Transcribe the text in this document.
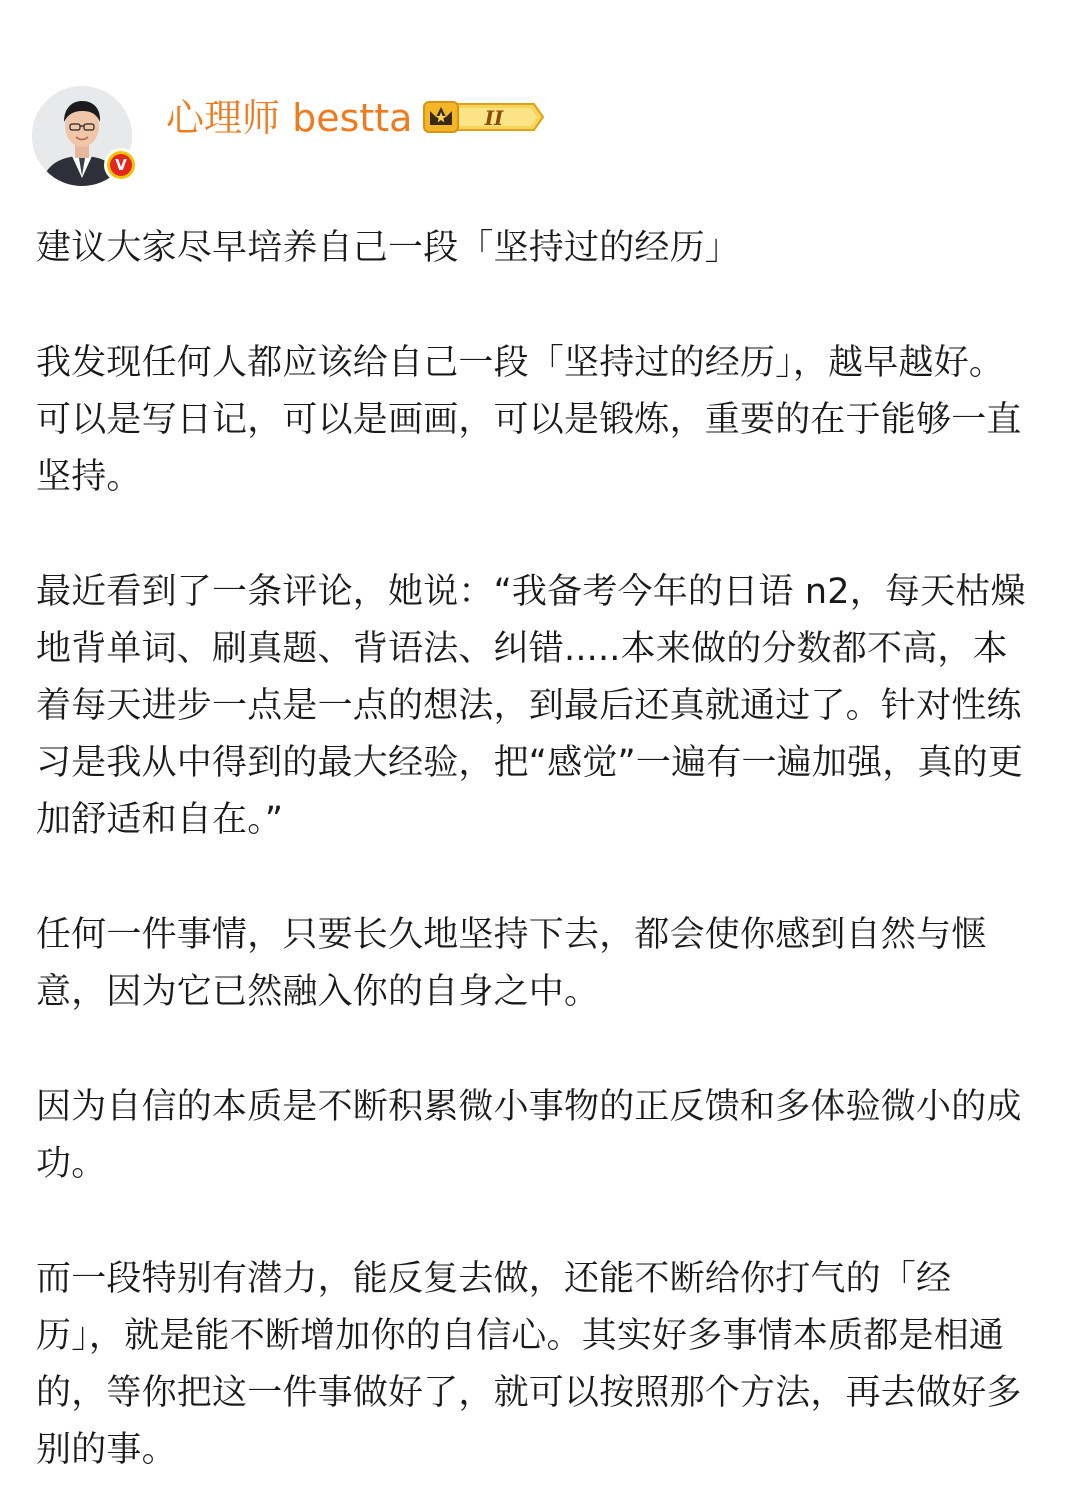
V
心理师 bestta	II

建议大家尽早培养自己一段「坚持过的经历」

我发现任何人都应该给自己一段「坚持过的经历」，越早越好。可以是写日记，可以是画画，可以是锻炼，重要的在于能够一直坚持。

最近看到了一条评论，她说：“我备考今年的日语 n2，每天枯燥地背单词、刷真题、背语法、纠错.....本来做的分数都不高，本着每天进步一点是一点的想法，到最后还真就通过了。针对性练习是我从中得到的最大经验，把“感觉”一遍有一遍加强，真的更加舒适和自在。”

任何一件事情，只要长久地坚持下去，都会使你感到自然与惬意，因为它已然融入你的自身之中。

因为自信的本质是不断积累微小事物的正反馈和多体验微小的成功。

而一段特别有潜力，能反复去做，还能不断给你打气的「经历」，就是能不断增加你的自信心。其实好多事情本质都是相通的，等你把这一件事做好了，就可以按照那个方法，再去做好多别的事。
